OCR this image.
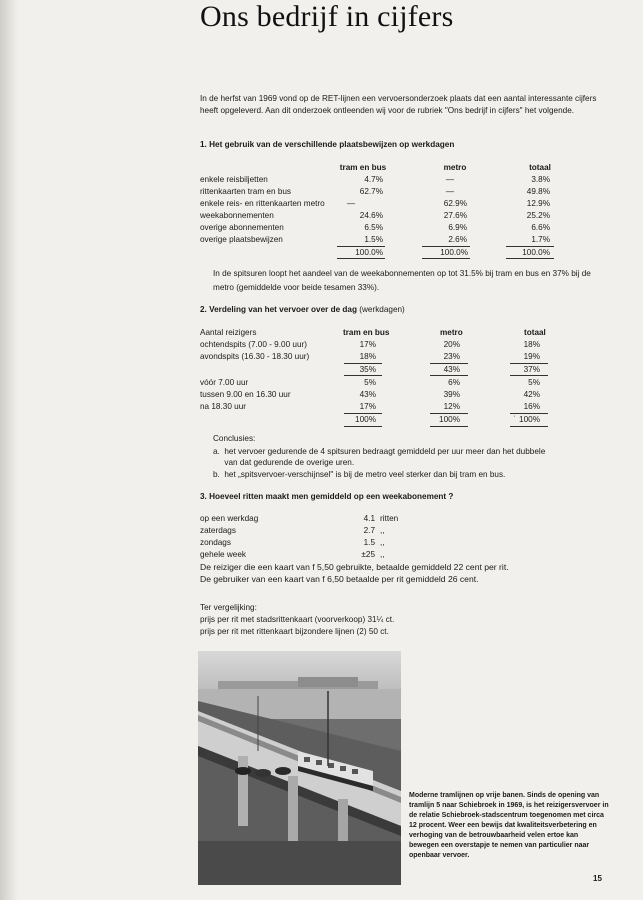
Ons bedrijf in cijfers
In de herfst van 1969 vond op de RET-lijnen een vervoersonderzoek plaats dat een aantal interessante cijfers heeft opgeleverd. Aan dit onderzoek ontleenden wij voor de rubriek "Ons bedrijf in cijfers" het volgende.
1. Het gebruik van de verschillende plaatsbewijzen op werkdagen
tram en bus	metro	totaal
enkele reisbiljetten	4.7%	—	3.8%
rittenkaarten tram en bus	62.7%	—	49.8%
enkele reis- en rittenkaarten metro	—	62.9%	12.9%
weekabonnementen	24.6%	27.6%	25.2%
overige abonnementen	6.5%	6.9%	6.6%
overige plaatsbewijzen	1.5%	2.6%	1.7%
100.0%	100.0%	100.0%
In de spitsuren loopt het aandeel van de weekabonnementen op tot 31.5% bij tram en bus en 37% bij de metro (gemiddelde voor beide tesamen 33%).
2. Verdeling van het vervoer over de dag (werkdagen)
Aantal reizigers	tram en bus	metro	totaal
ochtendspits (7.00 - 9.00 uur)	17%	20%	18%
avondspits (16.30 - 18.30 uur)	18%	23%	19%
35%	43%	37%
vóór 7.00 uur	5%	6%	5%
tussen 9.00 en 16.30 uur	43%	39%	42%
na 18.30 uur	17%	12%	16%
100%	100%	100%
ˈ
Conclusies:
a.  het vervoer gedurende de 4 spitsuren bedraagt gemiddeld per uur meer dan het dubbele
van dat gedurende de overige uren.
b.  het „spitsvervoer-verschijnsel" is bij de metro veel sterker dan bij tram en bus.
3. Hoeveel ritten maakt men gemiddeld op een weekabonement ?
op een werkdag	4.1 ritten
zaterdags	2.7 ,,
zondags	1.5 ,,
gehele week	±25 ,,
De reiziger die een kaart van f 5,50 gebruikte, betaalde gemiddeld 22 cent per rit.
De gebruiker van een kaart van f 6,50 betaalde per rit gemiddeld 26 cent.
Ter vergelijking:
prijs per rit met stadsrittenkaart (voorverkoop) 31¼ ct.
prijs per rit met rittenkaart bijzondere lijnen (2) 50 ct.
Moderne tramlijnen op vrije banen. Sinds de opening van tramlijn 5 naar Schiebroek in 1969, is het reizigersvervoer in de relatie Schiebroek-stadscentrum toegenomen met circa 12 procent. Weer een bewijs dat kwaliteitsverbetering en verhoging van de betrouwbaarheid velen ertoe kan bewegen een overstapje te nemen van particulier naar openbaar vervoer.
15
